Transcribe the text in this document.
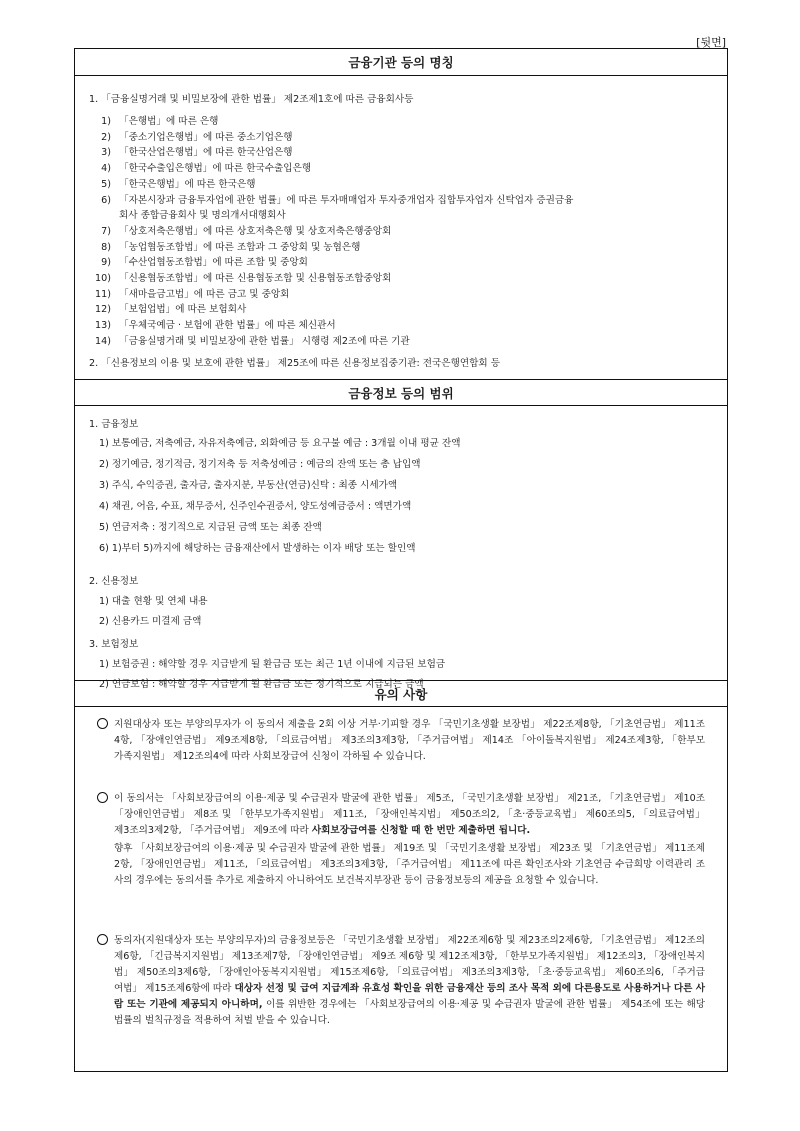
[뒷면]
금융기관 등의 명칭
1. 「금융실명거래 및 비밀보장에 관한 법률」 제2조제1호에 따른 금융회사등
1) 「은행법」에 따른 은행
2) 「중소기업은행법」에 따른 중소기업은행
3) 「한국산업은행법」에 따른 한국산업은행
4) 「한국수출입은행법」에 따른 한국수출입은행
5) 「한국은행법」에 따른 한국은행
6) 「자본시장과 금융투자업에 관한 법률」에 따른 투자매매업자 투자중개업자 집합투자업자 신탁업자 증권금융
회사 종합금융회사 및 명의개서대행회사
7) 「상호저축은행법」에 따른 상호저축은행 및 상호저축은행중앙회
8) 「농업협동조합법」에 따른 조합과 그 중앙회 및 농협은행
9) 「수산업협동조합법」에 따른 조합 및 중앙회
10) 「신용협동조합법」에 따른 신용협동조합 및 신용협동조합중앙회
11) 「새마을금고법」에 따른 금고 및 중앙회
12) 「보험업법」에 따른 보험회사
13) 「우체국예금 · 보험에 관한 법률」에 따른 체신관서
14) 「금융실명거래 및 비밀보장에 관한 법률」 시행령 제2조에 따른 기관
2. 「신용정보의 이용 및 보호에 관한 법률」 제25조에 따른 신용정보집중기관: 전국은행연합회 등
금융정보 등의 범위
1. 금융정보
1) 보통예금, 저축예금, 자유저축예금, 외화예금 등 요구불 예금 : 3개월 이내 평균 잔액
2) 정기예금, 정기적금, 정기저축 등 저축성예금 : 예금의 잔액 또는 총 납입액
3) 주식, 수익증권, 출자금, 출자지분, 부동산(연금)신탁 : 최종 시세가액
4) 채권, 어음, 수표, 채무증서, 신주인수권증서, 양도성예금증서 : 액면가액
5) 연금저축 : 정기적으로 지급된 금액 또는 최종 잔액
6) 1)부터 5)까지에 해당하는 금융재산에서 발생하는 이자 배당 또는 할인액
2. 신용정보
1) 대출 현황 및 연체 내용
2) 신용카드 미결제 금액
3. 보험정보
1) 보험증권 : 해약할 경우 지급받게 될 환급금 또는 최근 1년 이내에 지급된 보험금
2) 연금보험 : 해약할 경우 지급받게 될 환급금 또는 정기적으로 지급되는 금액
유의 사항
지원대상자 또는 부양의무자가 이 동의서 제출을 2회 이상 거부·기피할 경우 「국민기초생활 보장법」 제22조제8항, 「기초연금법」 제11조4항, 「장애인연금법」 제9조제8항, 「의료급여법」 제3조의3제3항, 「주거급여법」 제14조 「아이돌복지원법」 제24조제3항, 「한부모가족지원법」 제12조의4에 따라 사회보장급여 신청이 각하될 수 있습니다.
이 동의서는 「사회보장급여의 이용·제공 및 수급권자 발굴에 관한 법률」 제5조, 「국민기초생활 보장법」 제21조, 「기초연금법」 제10조 「장애인연금법」 제8조 및 「한부모가족지원법」 제11조, 「장애인복지법」 제50조의2, 「초·중등교육법」 제60조의5, 「의료급여법」 제3조의3제2항, 「주거급여법」 제9조에 따라 사회보장급여를 신청할 때 한 번만 제출하면 됩니다.
향후 「사회보장급여의 이용·제공 및 수급권자 발굴에 관한 법률」 제19조 및 「국민기초생활 보장법」 제23조 및 「기초연금법」 제11조제2항, 「장애인연금법」 제11조, 「의료급여법」 제3조의3제3항, 「주거급여법」 제11조에 따른 확인조사와 기초연금 수급희망 이력관리 조사의 경우에는 동의서를 추가로 제출하지 아니하여도 보건복지부장관 등이 금융정보등의 제공을 요청할 수 있습니다.
동의자(지원대상자 또는 부양의무자)의 금융정보등은 「국민기초생활 보장법」 제22조제6항 및 제23조의2제6항, 「기초연금법」 제12조의 제6항, 「긴급복지지원법」 제13조제7항, 「장애인연금법」 제9조 제6항 및 제12조제3항, 「한부모가족지원법」 제12조의3, 「장애인복지법」 제50조의3제6항, 「장애인아동복지지원법」 제15조제6항, 「의료급여법」 제3조의3제3항, 「초·중등교육법」 제60조의6, 「주거급여법」 제15조제6항에 따라 대상자 선정 및 급여 지급계좌 유효성 확인을 위한 금융재산 등의 조사 목적 외에 다른용도로 사용하거나 다른 사람 또는 기관에 제공되지 아니하며, 이를 위반한 경우에는 「사회보장급여의 이용·제공 및 수급권자 발굴에 관한 법률」 제54조에 또는 해당 법률의 벌칙규정을 적용하여 처벌 받을 수 있습니다.
